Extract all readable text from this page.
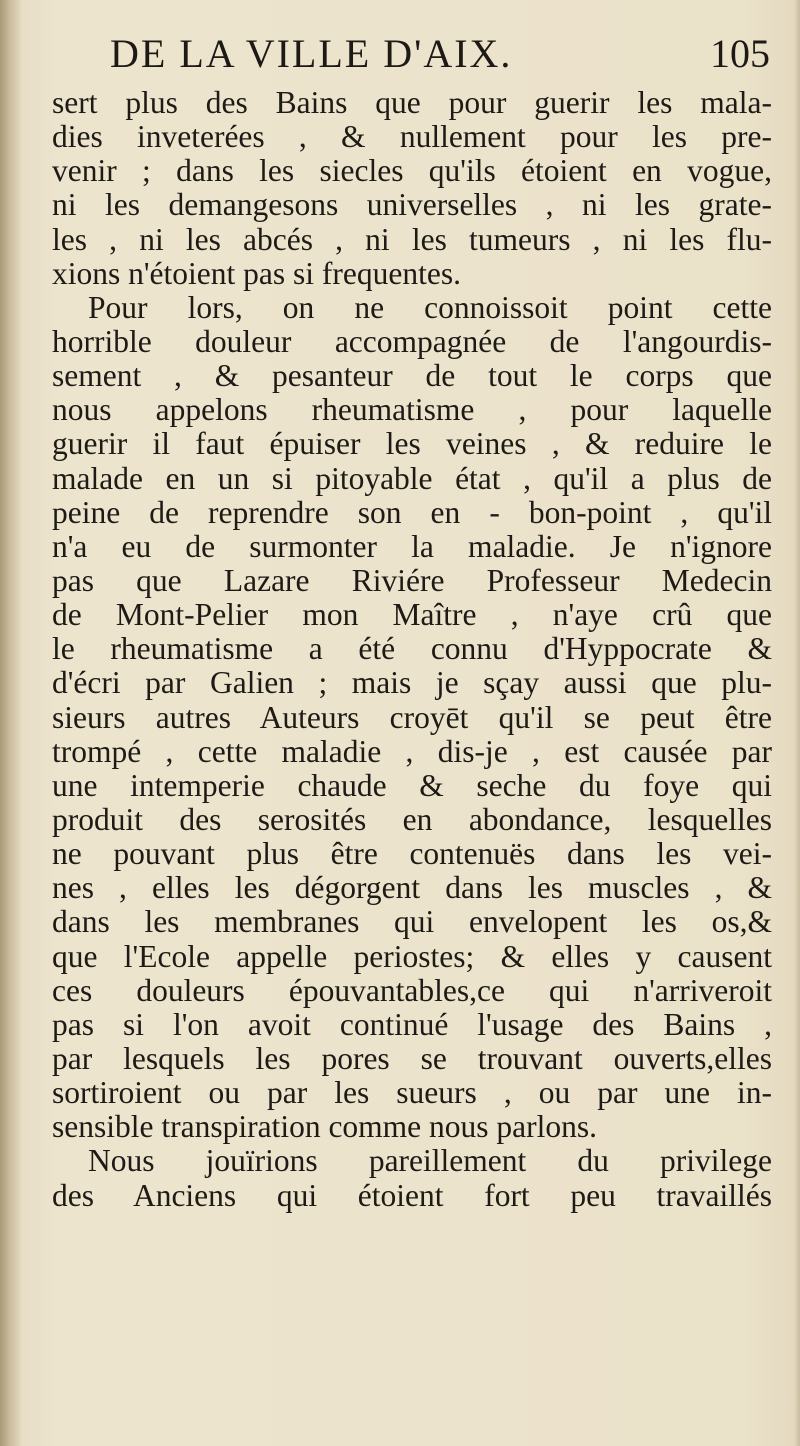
DE LA VILLE D'AIX.	105
sert plus des Bains que pour guerir les mala-
dies inveterées , & nullement pour les pre-
venir ; dans les siecles qu'ils étoient en vogue,
ni les demangesons universelles , ni les grate-
les , ni les abcés , ni les tumeurs , ni les flu-
xions n'étoient pas si frequentes.
Pour lors, on ne connoissoit point cette
horrible douleur accompagnée de l'angourdis-
sement , & pesanteur de tout le corps que
nous appelons rheumatisme , pour laquelle
guerir il faut épuiser les veines , & reduire le
malade en un si pitoyable état , qu'il a plus de
peine de reprendre son en - bon-point , qu'il
n'a eu de surmonter la maladie. Je n'ignore
pas que Lazare Riviére Professeur Medecin
de Mont-Pelier mon Maître , n'aye crû que
le rheumatisme a été connu d'Hyppocrate &
d'écri par Galien ; mais je sçay aussi que plu-
sieurs autres Auteurs croyēt qu'il se peut être
trompé , cette maladie , dis-je , est causée par
une intemperie chaude & seche du foye qui
produit des serosités en abondance, lesquelles
ne pouvant plus être contenuës dans les vei-
nes , elles les dégorgent dans les muscles , &
dans les membranes qui envelopent les os,&
que l'Ecole appelle periostes; & elles y causent
ces douleurs épouvantables,ce qui n'arriveroit
pas si l'on avoit continué l'usage des Bains ,
par lesquels les pores se trouvant ouverts,elles
sortiroient ou par les sueurs , ou par une in-
sensible transpiration comme nous parlons.
Nous jouïrions pareillement du privilege
des Anciens qui étoient fort peu travaillés
